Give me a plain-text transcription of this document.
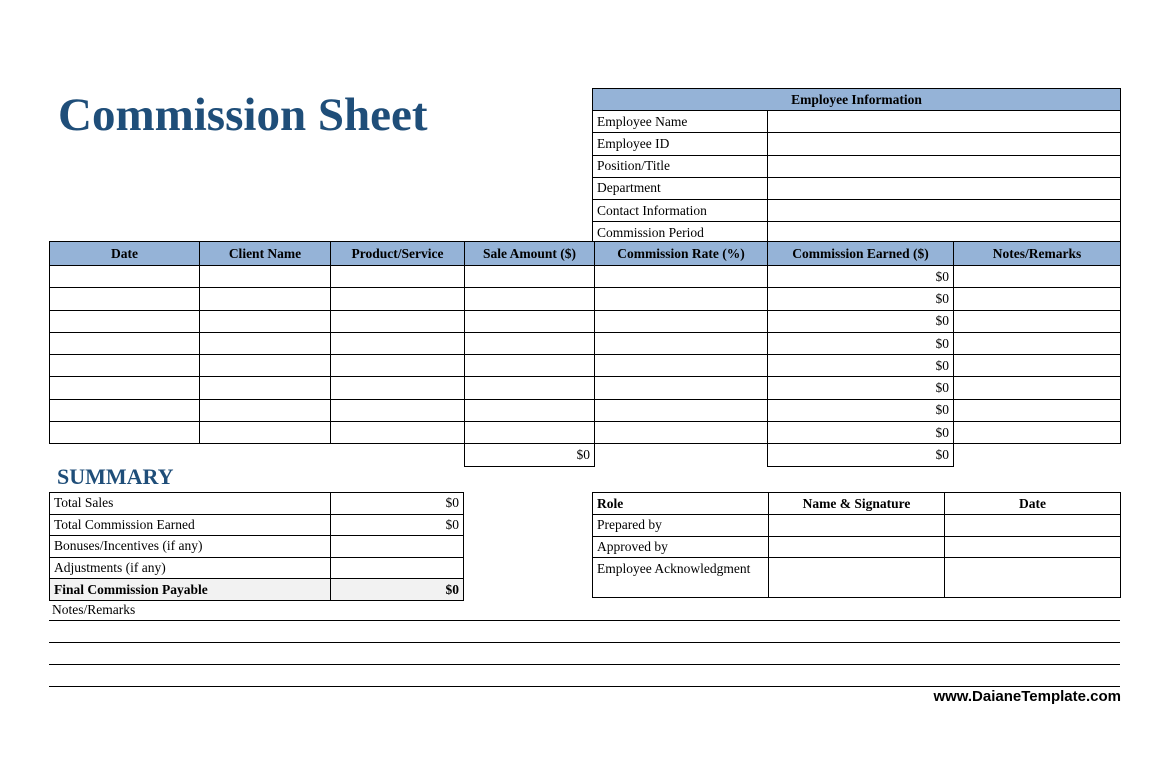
Commission Sheet	Employee Information	
Employee Name	
Employee ID	
Position/Title	
Department	
Contact Information	
Commission Period	
Date	Client Name	Product/Service	Sale Amount ($)	Commission Rate (%)	Commission Earned ($)	Notes/Remarks
					$0	
					$0	
					$0	
					$0	
					$0	
					$0	
					$0	
					$0	
			$0		$0	
SUMMARY
Total Sales	$0
Total Commission Earned	$0
Bonuses/Incentives (if any)	
Adjustments (if any)	
Final Commission Payable	$0
Role	Name & Signature	Date
Prepared by		
Approved by		
Employee Acknowledgment		
Notes/Remarks
www.DaianeTemplate.com
